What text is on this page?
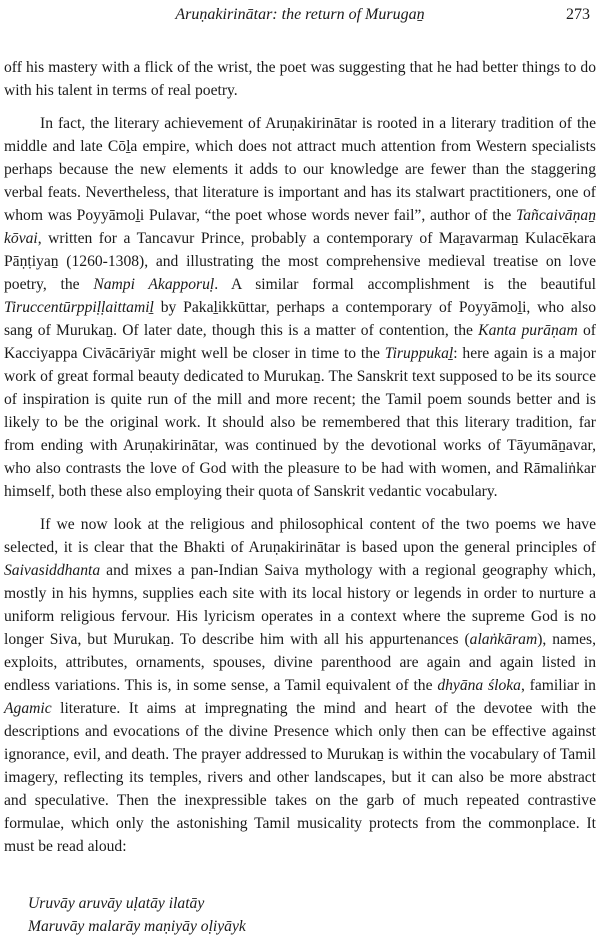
Aruṇakirinātar: the return of Murugaṉ	273

off his mastery with a flick of the wrist, the poet was suggesting that he had better things to do with his talent in terms of real poetry.

In fact, the literary achievement of Aruṇakirinātar is rooted in a literary tradition of the middle and late Cōḻa empire, which does not attract much attention from Western specialists perhaps because the new elements it adds to our knowledge are fewer than the staggering verbal feats. Nevertheless, that literature is important and has its stalwart practitioners, one of whom was Poyyāmoḻi Pulavar, “the poet whose words never fail”, author of the Tañcaivāṇaṉ kōvai, written for a Tancavur Prince, probably a contemporary of Maṟavarmaṉ Kulacēkara Pāṇṭiyaṉ (1260-1308), and illustrating the most comprehensive medieval treatise on love poetry, the Nampi Akapporuḷ. A similar formal accomplishment is the beautiful Tiruccentūrppiḷḷaittamiḻ by Pakaḻikkūttar, perhaps a contemporary of Poyyāmoḻi, who also sang of Murukaṉ. Of later date, though this is a matter of contention, the Kanta purāṇam of Kacciyappa Civācāriyār might well be closer in time to the Tiruppukaḻ: here again is a major work of great formal beauty dedicated to Murukaṉ. The Sanskrit text supposed to be its source of inspiration is quite run of the mill and more recent; the Tamil poem sounds better and is likely to be the original work. It should also be remembered that this literary tradition, far from ending with Aruṇakirinātar, was continued by the devotional works of Tāyumāṉavar, who also contrasts the love of God with the pleasure to be had with women, and Rāmaliṅkar himself, both these also employing their quota of Sanskrit vedantic vocabulary.

If we now look at the religious and philosophical content of the two poems we have selected, it is clear that the Bhakti of Aruṇakirinātar is based upon the general principles of Saivasiddhanta and mixes a pan-Indian Saiva mythology with a regional geography which, mostly in his hymns, supplies each site with its local history or legends in order to nurture a uniform religious fervour. His lyricism operates in a context where the supreme God is no longer Siva, but Murukaṉ. To describe him with all his appurtenances (alaṅkāram), names, exploits, attributes, ornaments, spouses, divine parenthood are again and again listed in endless variations. This is, in some sense, a Tamil equivalent of the dhyāna śloka, familiar in Agamic literature. It aims at impregnating the mind and heart of the devotee with the descriptions and evocations of the divine Presence which only then can be effective against ignorance, evil, and death. The prayer addressed to Murukaṉ is within the vocabulary of Tamil imagery, reflecting its temples, rivers and other landscapes, but it can also be more abstract and speculative. Then the inexpressible takes on the garb of much repeated contrastive formulae, which only the astonishing Tamil musicality protects from the commonplace. It must be read aloud:

Uruvāy aruvāy uḷatāy ilatāy
Maruvāy malarāy maṇiyāy oḷiyāyk
